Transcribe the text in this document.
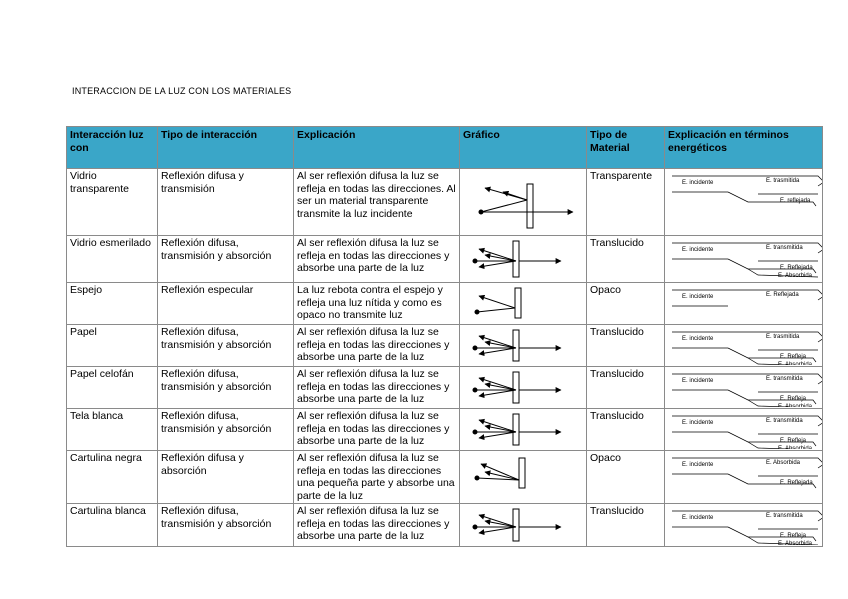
INTERACCION DE LA LUZ CON LOS MATERIALES
Interacción luz con	Tipo de interacción	Explicación	Gráfico	Tipo de Material	Explicación en términos energéticos
Vidrio transparente	Reflexión difusa y transmisión	Al ser reflexión difusa la luz se refleja en todas las direcciones. Al ser un material transparente transmite la luz incidente		Transparente	E. incidente E. trasmitida
E. reflejada

Vidrio esmerilado	Reflexión difusa, transmisión y absorción	Al ser reflexión difusa la luz se refleja en todas las direcciones y absorbe una parte de la luz		Translucido	E. incidente E. transmitida
E. Reflejada
E. Absorbida

Espejo	Reflexión especular	La luz rebota contra el espejo y refleja una luz nítida y como es opaco no transmite luz		Opaco	E. incidente E. Reflejada

Papel	Reflexión difusa, transmisión y absorción	Al ser reflexión difusa la luz se refleja en todas las direcciones y absorbe una parte de la luz		Translucido	E. incidente E. trasmitida
E. Refleja
E. Absorbida

Papel celofán	Reflexión difusa, transmisión y absorción	Al ser reflexión difusa la luz se refleja en todas las direcciones y absorbe una parte de la luz		Translucido	E. incidente E. transmitida
E. Refleja
E. Absorbida

Tela blanca	Reflexión difusa, transmisión y absorción	Al ser reflexión difusa la luz se refleja en todas las direcciones y absorbe una parte de la luz		Translucido	E. incidente E. transmitida
E. Refleja
E. Absorbida

Cartulina negra	Reflexión difusa y absorción	Al ser reflexión difusa la luz se refleja en todas las direcciones una pequeña parte y absorbe una parte de la luz		Opaco	E. incidente E. Absorbida
E. Reflejada

Cartulina blanca	Reflexión difusa, transmisión y absorción	Al ser reflexión difusa la luz se refleja en todas las direcciones y absorbe una parte de la luz		Translucido	E. incidente E. transmitida
E. Refleja
E. Absorbida
